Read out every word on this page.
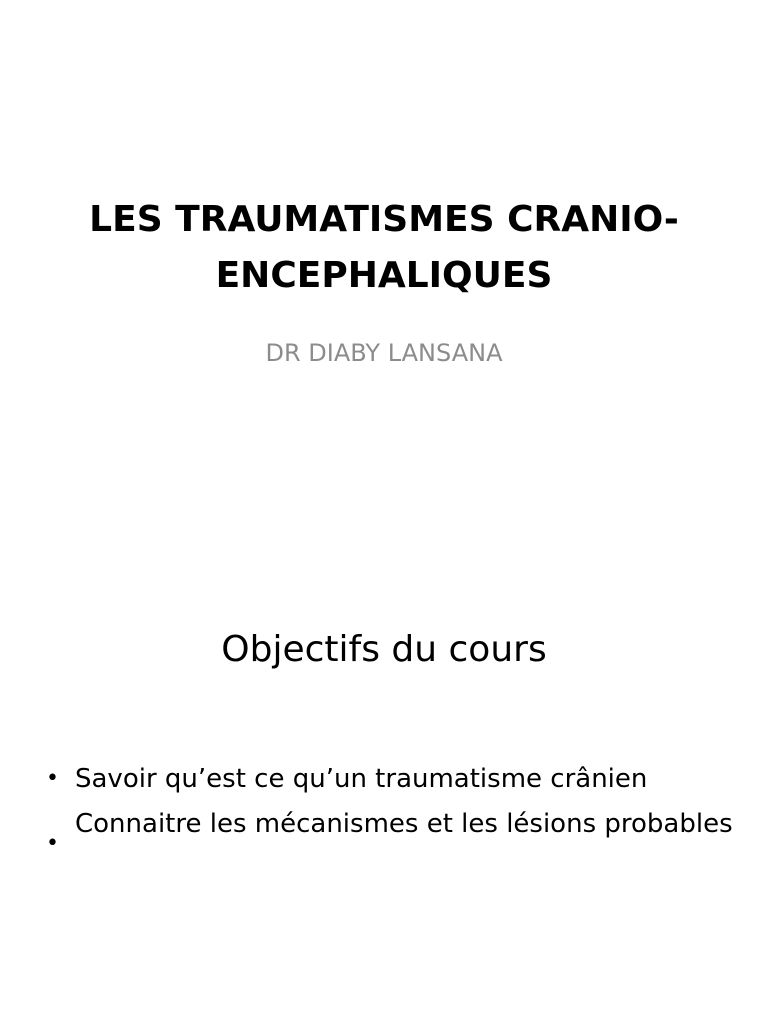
LES TRAUMATISMES CRANIO-ENCEPHALIQUES
DR DIABY LANSANA
Objectifs du cours
• Savoir qu’est ce qu’un traumatisme crânien
•
Connaitre les mécanismes et les lésions probables
